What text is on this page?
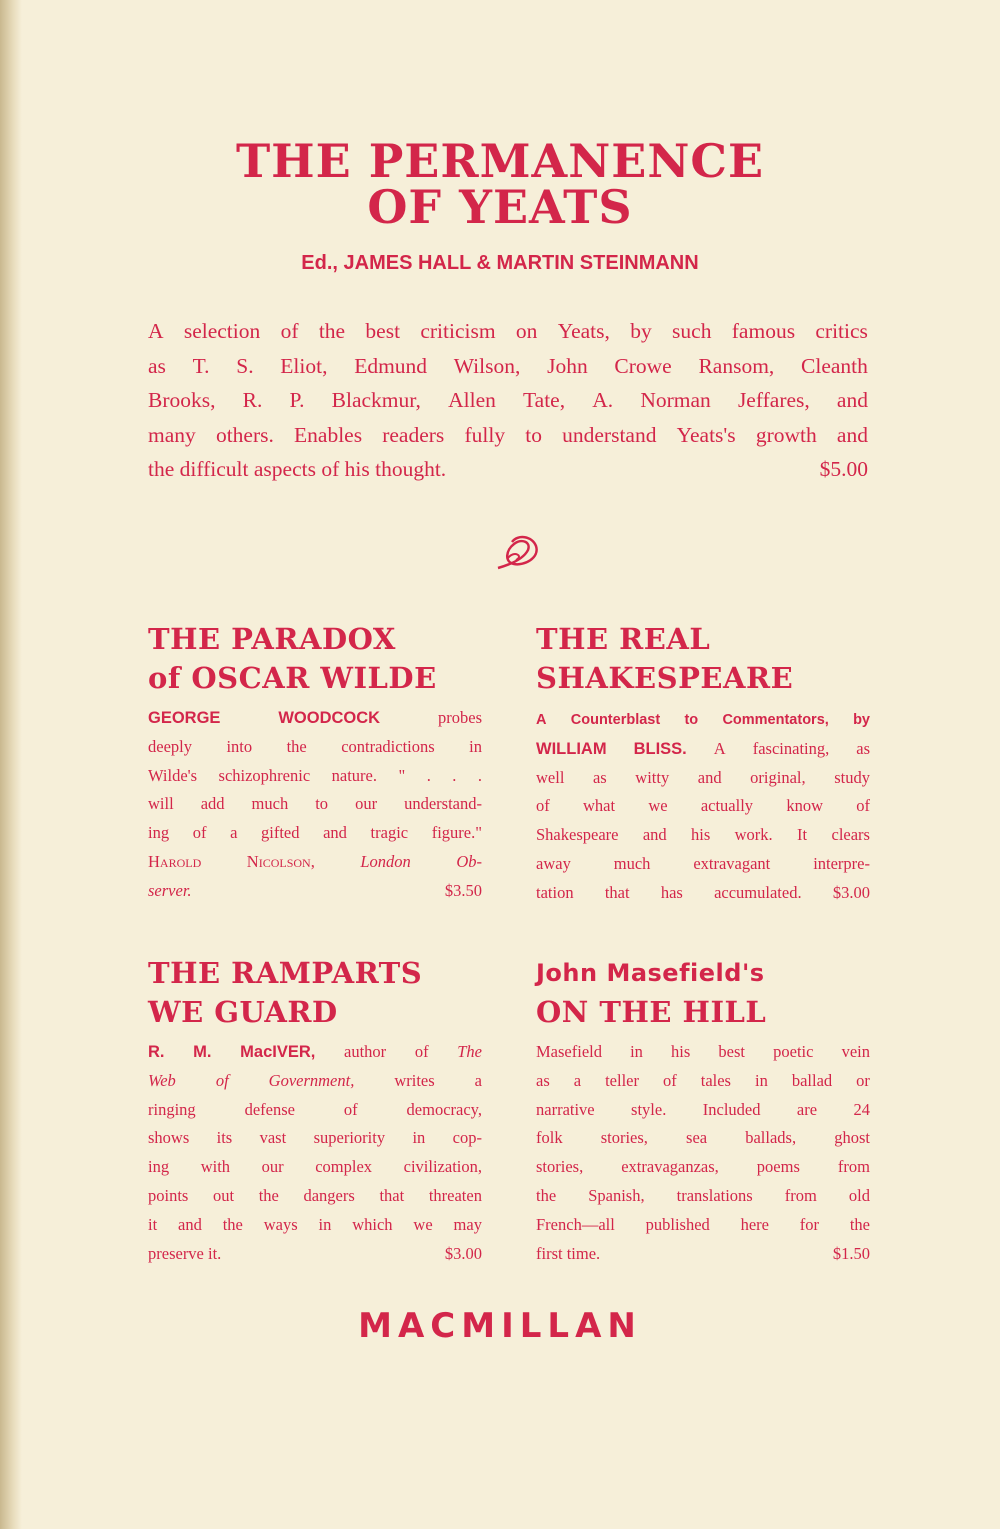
THE PERMANENCE
OF YEATS
Ed., JAMES HALL & MARTIN STEINMANN
A selection of the best criticism on Yeats, by such famous critics
as T. S. Eliot, Edmund Wilson, John Crowe Ransom, Cleanth
Brooks, R. P. Blackmur, Allen Tate, A. Norman Jeffares, and
many others. Enables readers fully to understand Yeats's growth and
the difficult aspects of his thought.	$5.00
THE PARADOX
of OSCAR WILDE
GEORGE	WOODCOCK	probes
deeply into the contradictions in
Wilde's schizophrenic nature. " . . .
will add much to our understand-
ing of a gifted and tragic figure."
Harold	Nicolson,	London	Ob-
server.	$3.50
THE REAL
SHAKESPEARE
A Counterblast to Commentators, by
WILLIAM BLISS. A fascinating, as
well as witty and original, study
of what we actually know of
Shakespeare and his work. It clears
away	much	extravagant	interpre-
tation that has accumulated. $3.00
THE RAMPARTS
WE GUARD
R. M. MacIVER, author of The
Web of Government, writes a
ringing	defense	of	democracy,
shows its vast superiority in cop-
ing with our complex civilization,
points out the dangers that threaten
it and the ways in which we may
preserve it.	$3.00
John Masefield's
ON THE HILL
Masefield in his best poetic vein
as a teller of tales in ballad or
narrative style. Included are 24
folk stories, sea ballads, ghost
stories, extravaganzas, poems from
the Spanish, translations from old
French—all published here for the
first time.	$1.50
MACMILLAN
